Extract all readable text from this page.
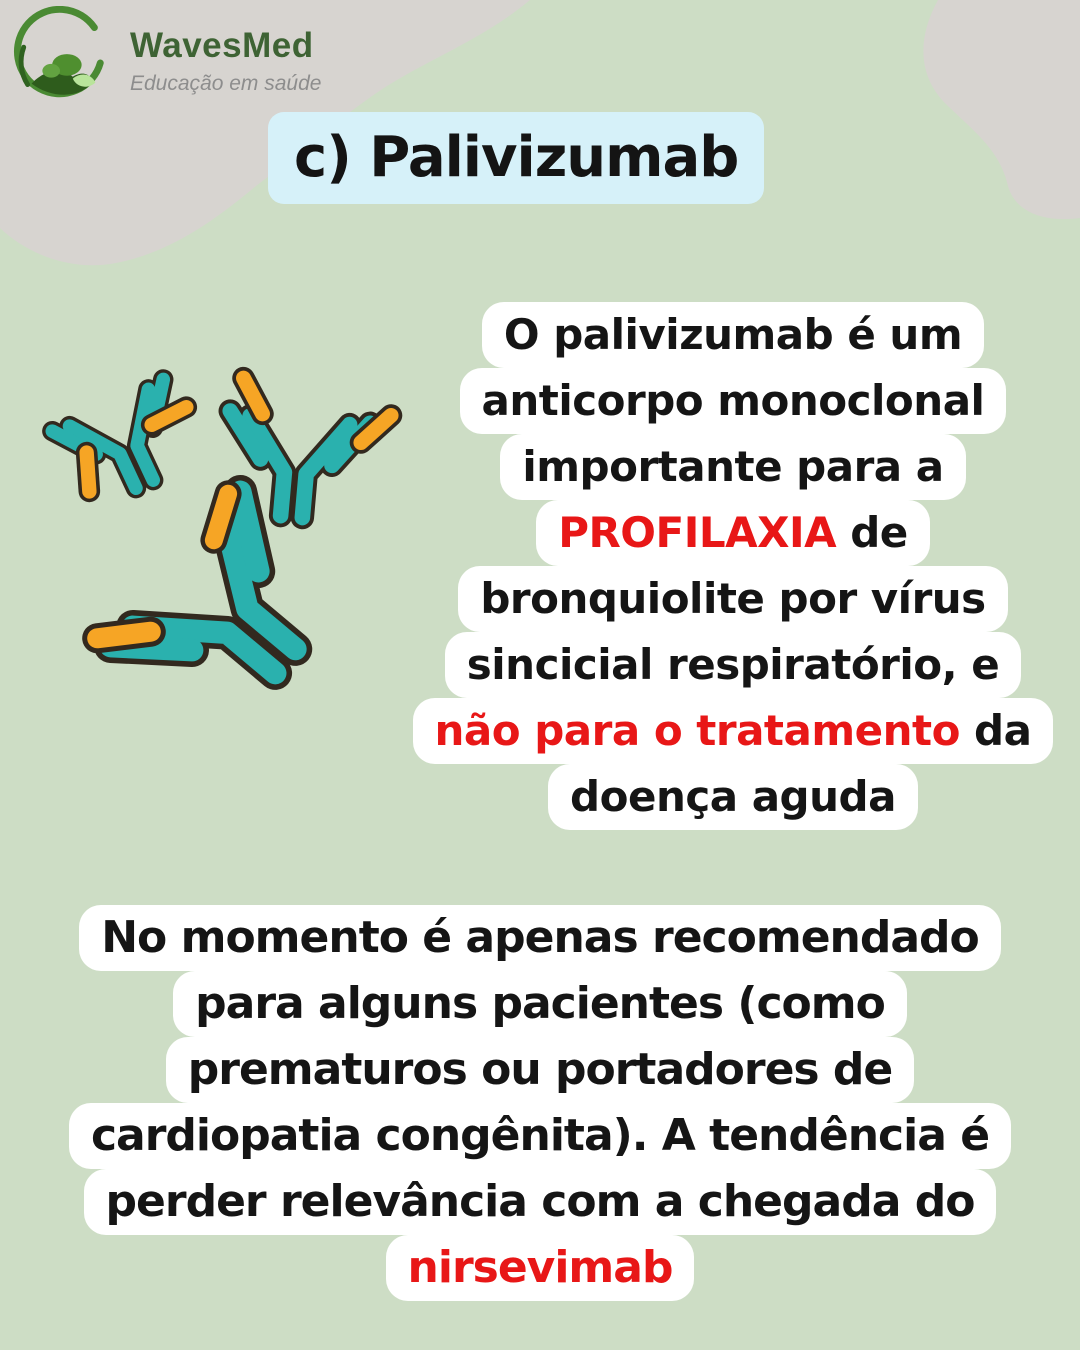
WavesMed
Educação em saúde
c) Palivizumab
O palivizumab é um
anticorpo monoclonal
importante para a
PROFILAXIA de
bronquiolite por vírus
sincicial respiratório, e
não para o tratamento da
doença aguda
No momento é apenas recomendado
para alguns pacientes (como
prematuros ou portadores de
cardiopatia congênita). A tendência é
perder relevância com a chegada do
nirsevimab
